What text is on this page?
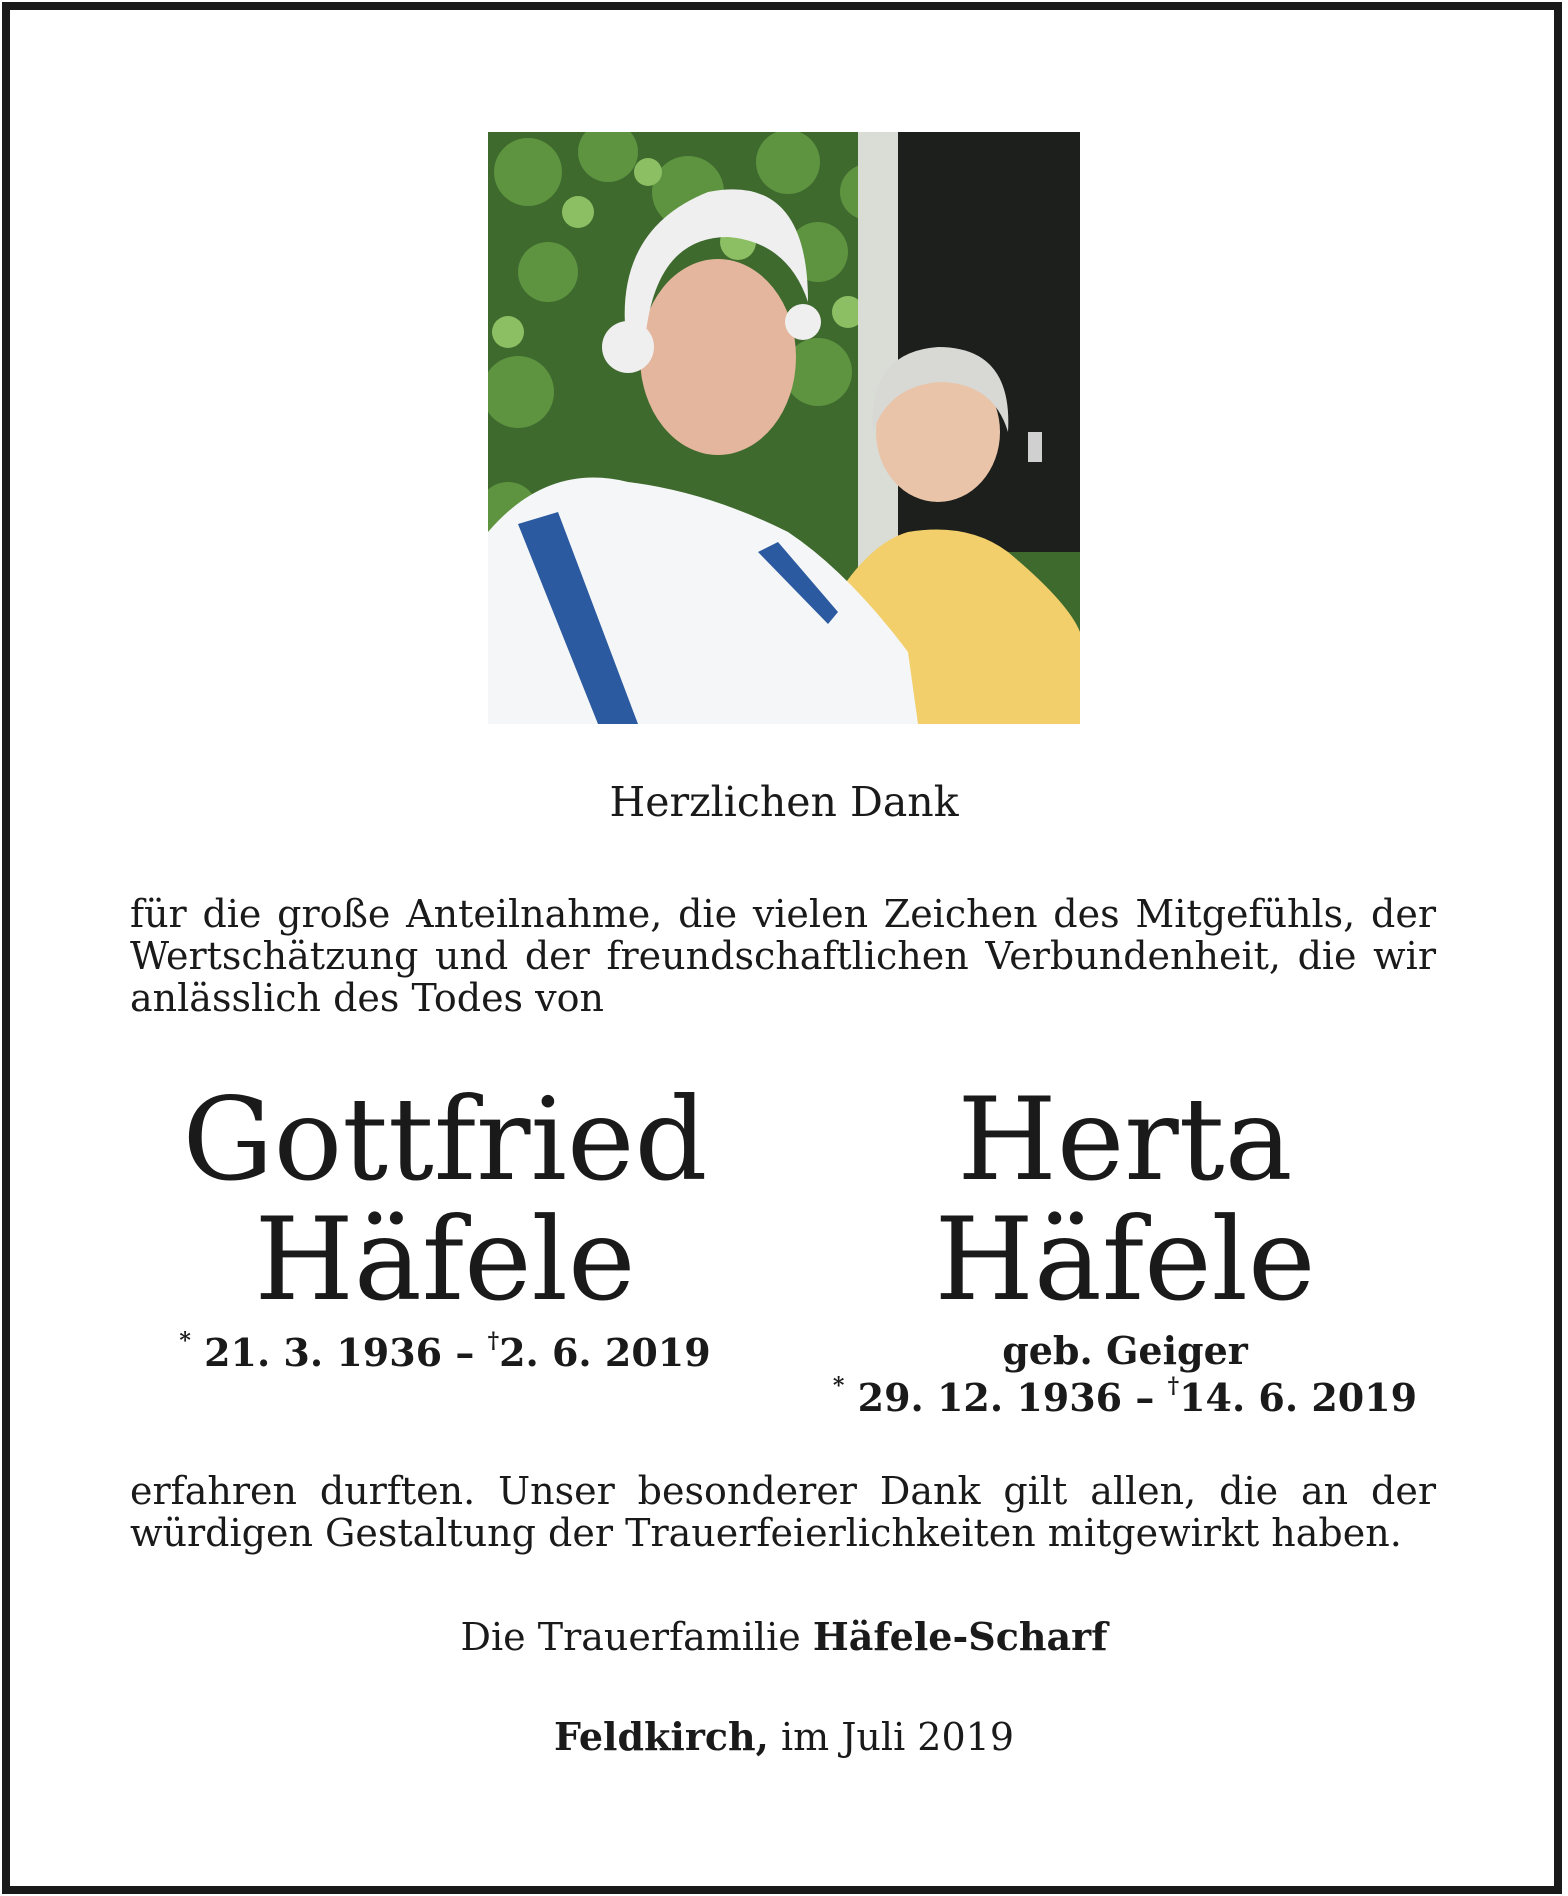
Herzlichen Dank
für die große Anteilnahme, die vielen Zeichen des Mitgefühls, der Wertschätzung und der freundschaftlichen Verbundenheit, die wir anlässlich des Todes von
Gottfried
Häfele
* 21. 3. 1936 – †2. 6. 2019
Herta
Häfele
geb. Geiger
* 29. 12. 1936 – †14. 6. 2019
erfahren durften. Unser besonderer Dank gilt allen, die an der würdigen Gestaltung der Trauerfeierlichkeiten mitgewirkt haben.
Die Trauerfamilie Häfele-Scharf
Feldkirch, im Juli 2019
